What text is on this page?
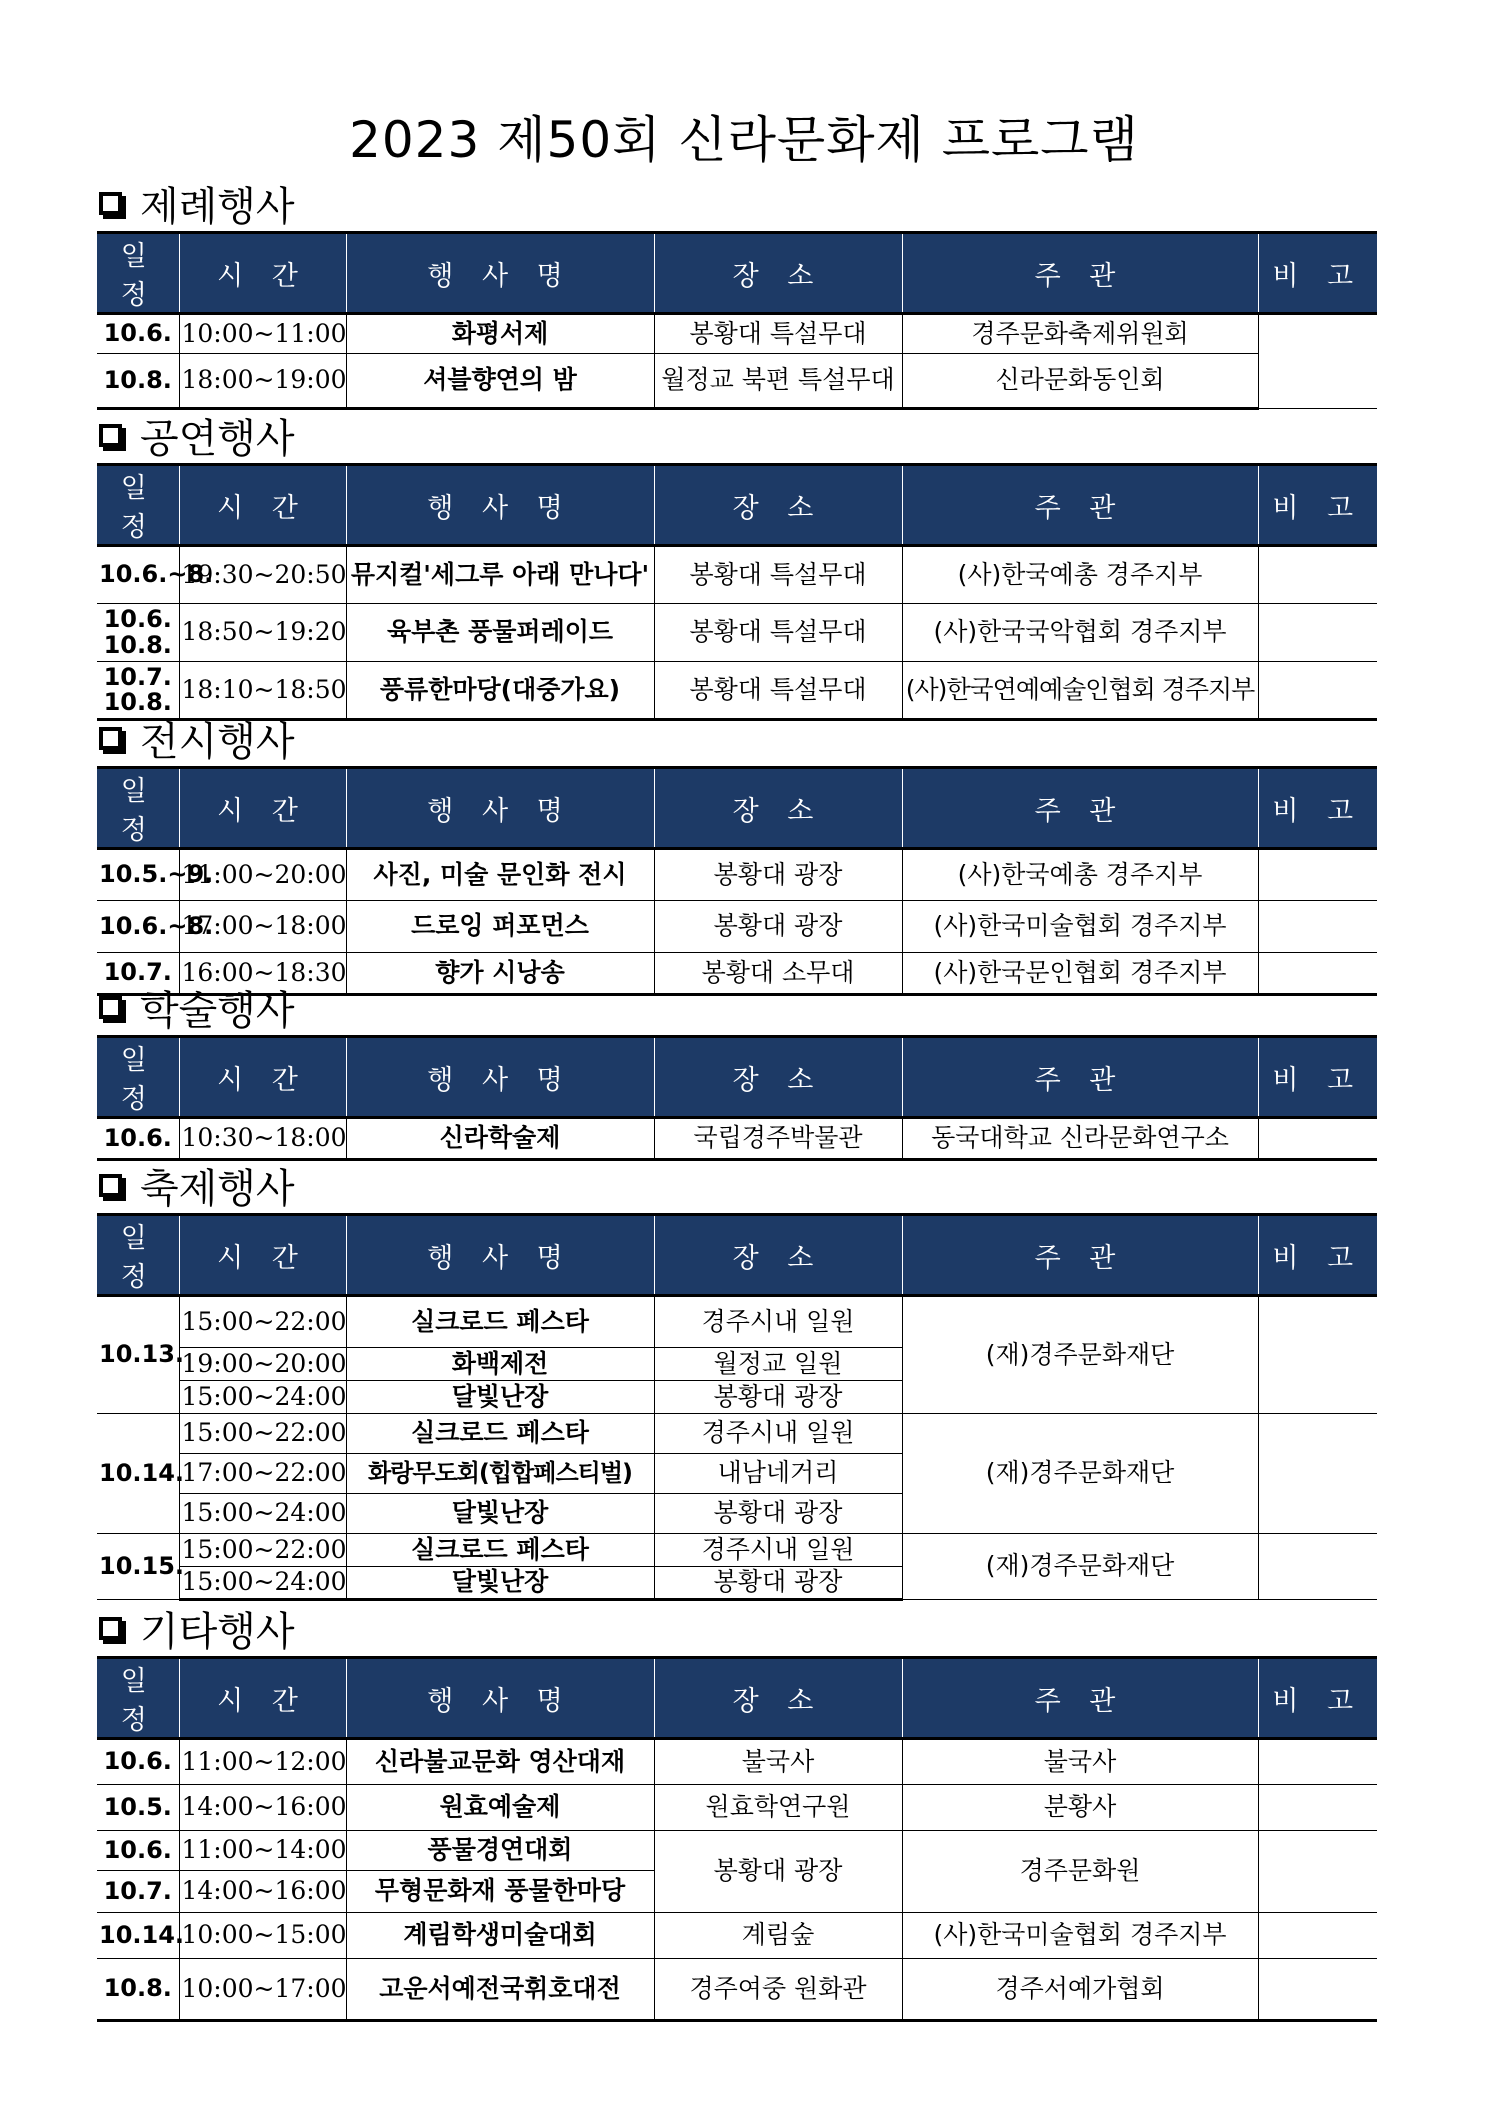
2023 제50회 신라문화제 프로그램
제례행사
일 정	시 간	행 사 명	장 소	주 관	비 고
10.6.	10:00~11:00	화평서제	봉황대 특설무대	경주문화축제위원회	
10.8.	18:00~19:00	셔블향연의 밤	월정교 북편 특설무대	신라문화동인회	
공연행사
일 정	시 간	행 사 명	장 소	주 관	비 고
10.6.~8.	19:30~20:50	뮤지컬'세그루 아래 만나다'	봉황대 특설무대	(사)한국예총 경주지부	
10.6. 10.8.	18:50~19:20	육부촌 풍물퍼레이드	봉황대 특설무대	(사)한국국악협회 경주지부	
10.7. 10.8.	18:10~18:50	풍류한마당(대중가요)	봉황대 특설무대	(사)한국연예예술인협회 경주지부	
전시행사
일 정	시 간	행 사 명	장 소	주 관	비 고
10.5.~9.	11:00~20:00	사진, 미술 문인화 전시	봉황대 광장	(사)한국예총 경주지부	
10.6.~8.	17:00~18:00	드로잉 퍼포먼스	봉황대 광장	(사)한국미술협회 경주지부	
10.7.	16:00~18:30	향가 시낭송	봉황대 소무대	(사)한국문인협회 경주지부	
학술행사
일 정	시 간	행 사 명	장 소	주 관	비 고
10.6.	10:30~18:00	신라학술제	국립경주박물관	동국대학교 신라문화연구소	
축제행사
일 정	시 간	행 사 명	장 소	주 관	비 고
10.13.	15:00~22:00	실크로드 페스타	경주시내 일원	(재)경주문화재단	
	19:00~20:00	화백제전	월정교 일원		
	15:00~24:00	달빛난장	봉황대 광장		
10.14.	15:00~22:00	실크로드 페스타	경주시내 일원	(재)경주문화재단	
	17:00~22:00	화랑무도회(힙합페스티벌)	내남네거리		
	15:00~24:00	달빛난장	봉황대 광장		
10.15.	15:00~22:00	실크로드 페스타	경주시내 일원	(재)경주문화재단	
	15:00~24:00	달빛난장	봉황대 광장		
기타행사
일 정	시 간	행 사 명	장 소	주 관	비 고
10.6.	11:00~12:00	신라불교문화 영산대재	불국사	불국사	
10.5.	14:00~16:00	원효예술제	원효학연구원	분황사	
10.6.	11:00~14:00	풍물경연대회	봉황대 광장	경주문화원	
10.7.	14:00~16:00	무형문화재 풍물한마당			
10.14.	10:00~15:00	계림학생미술대회	계림숲	(사)한국미술협회 경주지부	
10.8.	10:00~17:00	고운서예전국휘호대전	경주여중 원화관	경주서예가협회	
